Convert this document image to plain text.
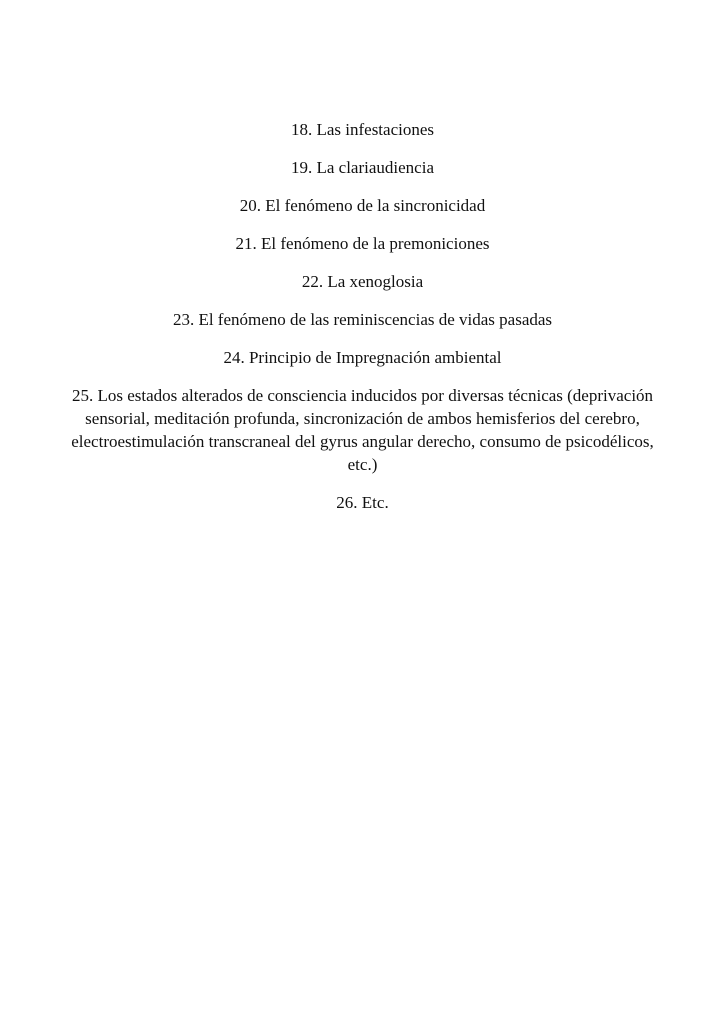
18. Las infestaciones

19. La clariaudiencia

20. El fenómeno de la sincronicidad

21. El fenómeno de la premoniciones

22. La xenoglosia

23. El fenómeno de las reminiscencias de vidas pasadas

24. Principio de Impregnación ambiental

25. Los estados alterados de consciencia inducidos por diversas técnicas (deprivación sensorial, meditación profunda, sincronización de ambos hemisferios del cerebro, electroestimulación transcraneal del gyrus angular derecho, consumo de psicodélicos, etc.)

26. Etc.
